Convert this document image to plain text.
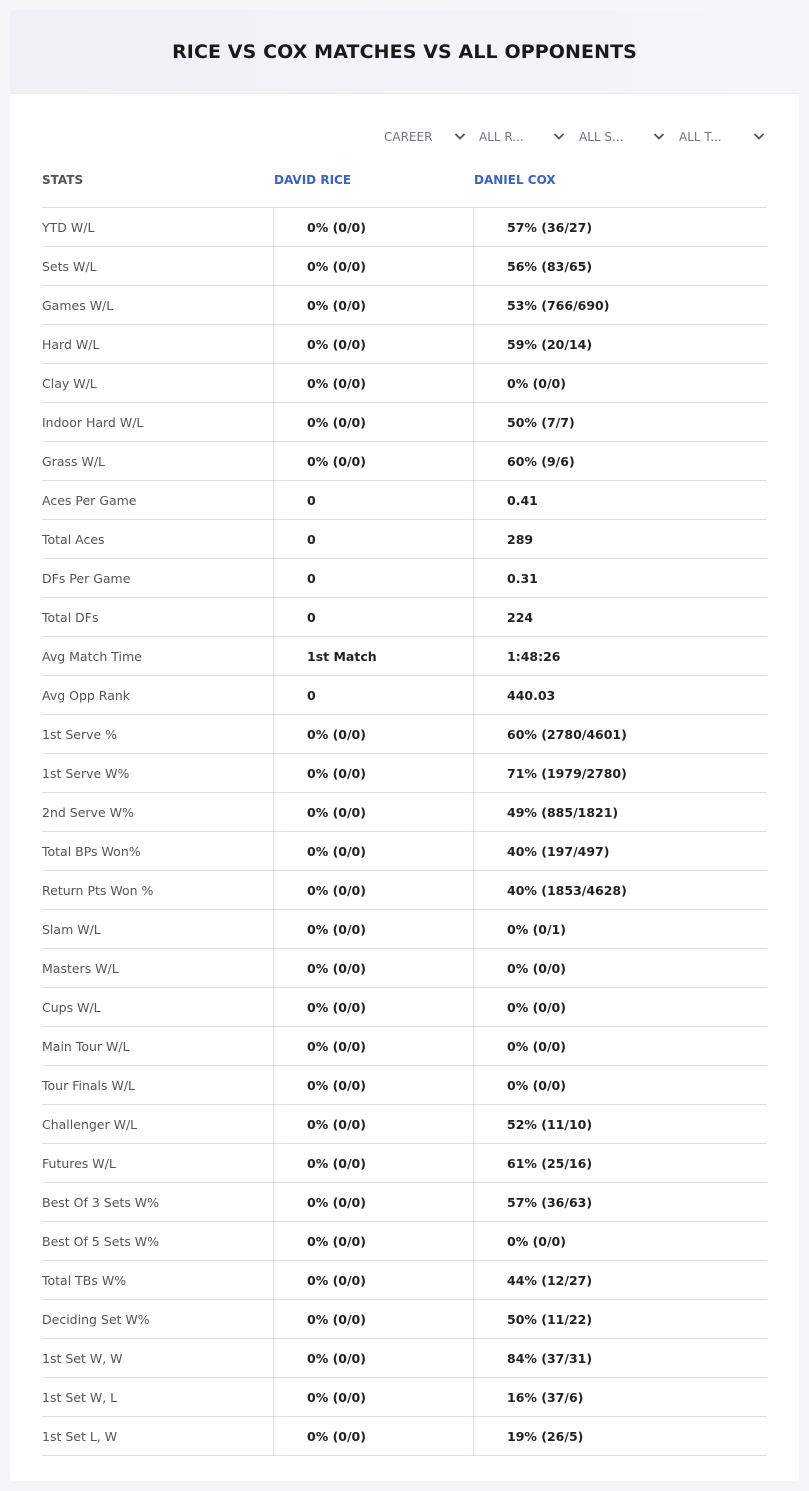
RICE VS COX MATCHES VS ALL OPPONENTS
CAREER	ALL R...	ALL S...	ALL T...
STATS	DAVID RICE	DANIEL COX
YTD W/L	0% (0/0)	57% (36/27)
Sets W/L	0% (0/0)	56% (83/65)
Games W/L	0% (0/0)	53% (766/690)
Hard W/L	0% (0/0)	59% (20/14)
Clay W/L	0% (0/0)	0% (0/0)
Indoor Hard W/L	0% (0/0)	50% (7/7)
Grass W/L	0% (0/0)	60% (9/6)
Aces Per Game	0	0.41
Total Aces	0	289
DFs Per Game	0	0.31
Total DFs	0	224
Avg Match Time	1st Match	1:48:26
Avg Opp Rank	0	440.03
1st Serve %	0% (0/0)	60% (2780/4601)
1st Serve W%	0% (0/0)	71% (1979/2780)
2nd Serve W%	0% (0/0)	49% (885/1821)
Total BPs Won%	0% (0/0)	40% (197/497)
Return Pts Won %	0% (0/0)	40% (1853/4628)
Slam W/L	0% (0/0)	0% (0/1)
Masters W/L	0% (0/0)	0% (0/0)
Cups W/L	0% (0/0)	0% (0/0)
Main Tour W/L	0% (0/0)	0% (0/0)
Tour Finals W/L	0% (0/0)	0% (0/0)
Challenger W/L	0% (0/0)	52% (11/10)
Futures W/L	0% (0/0)	61% (25/16)
Best Of 3 Sets W%	0% (0/0)	57% (36/63)
Best Of 5 Sets W%	0% (0/0)	0% (0/0)
Total TBs W%	0% (0/0)	44% (12/27)
Deciding Set W%	0% (0/0)	50% (11/22)
1st Set W, W	0% (0/0)	84% (37/31)
1st Set W, L	0% (0/0)	16% (37/6)
1st Set L, W	0% (0/0)	19% (26/5)
